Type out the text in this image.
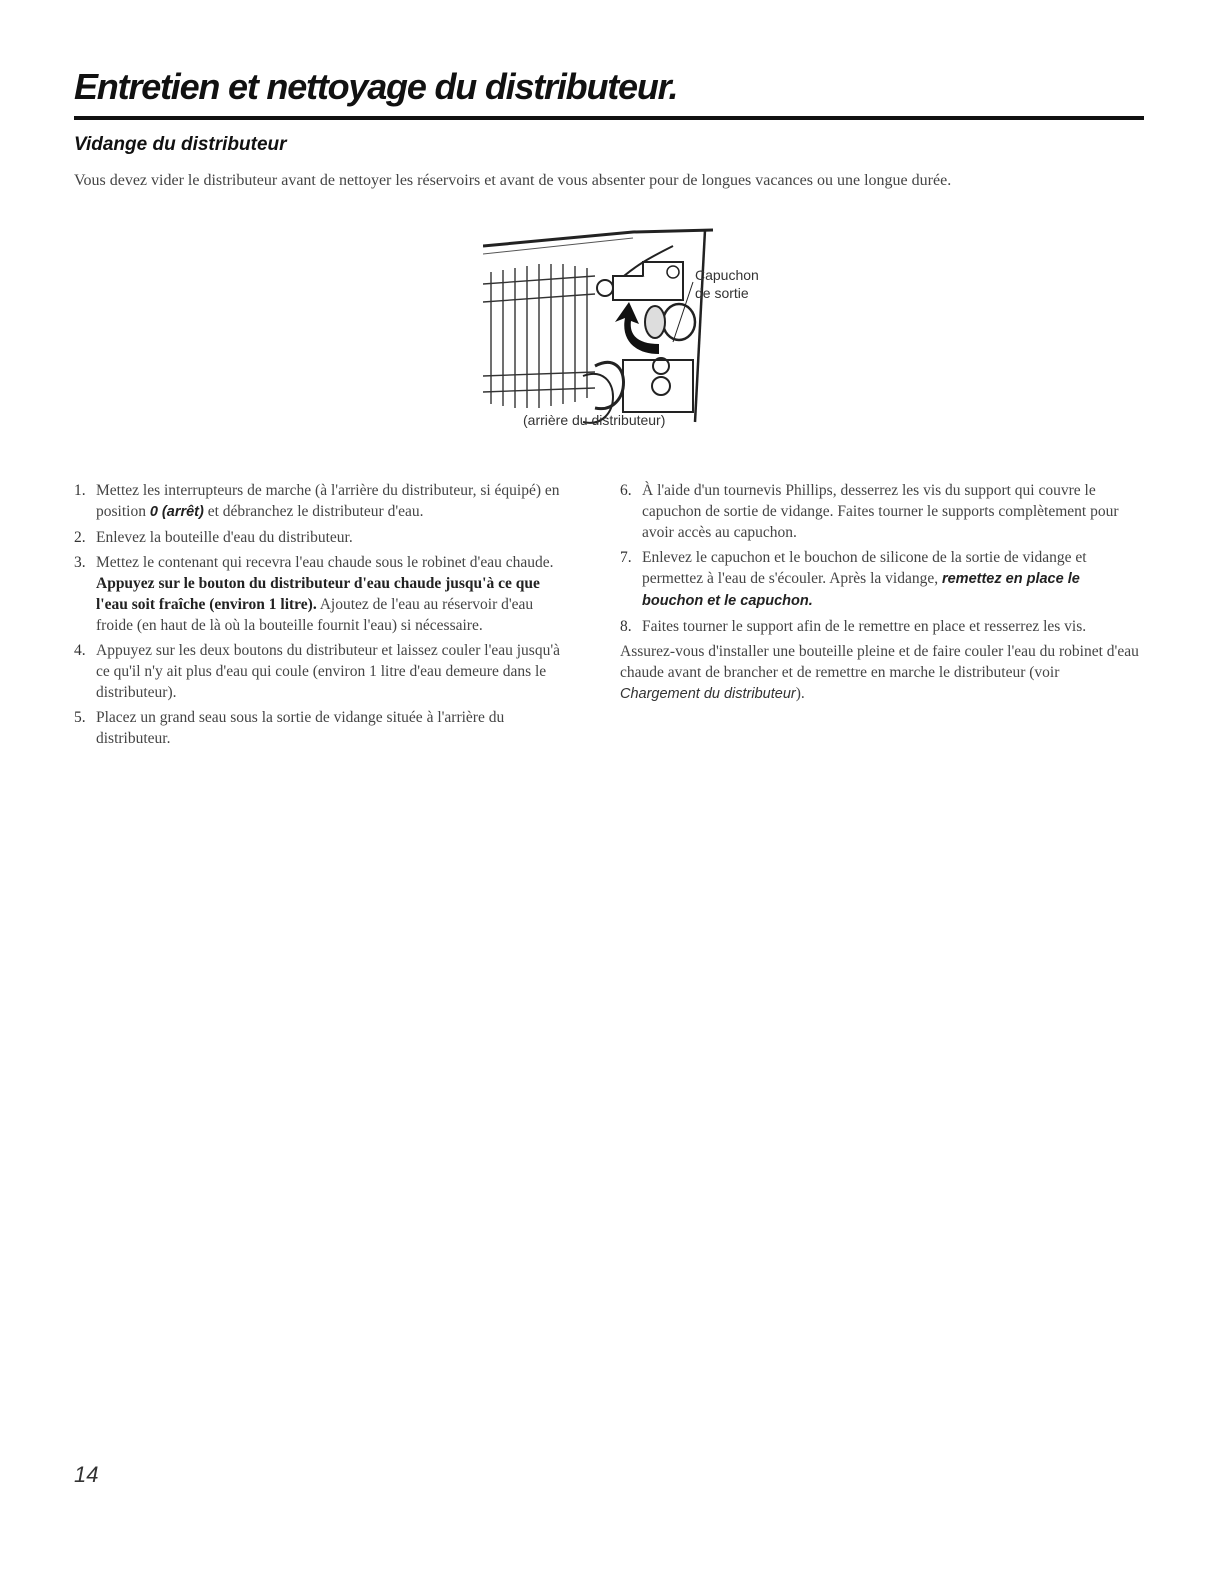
Entretien et nettoyage du distributeur.
Vidange du distributeur

Vous devez vider le distributeur avant de nettoyer les réservoirs et avant de vous absenter pour de longues vacances ou une longue durée.

Capuchon
de sortie
(arrière du distributeur)
1. Mettez les interrupteurs de marche (à l'arrière du distributeur, si équipé) en position 0 (arrêt) et débranchez le distributeur d'eau.
2. Enlevez la bouteille d'eau du distributeur.
3. Mettez le contenant qui recevra l'eau chaude sous le robinet d'eau chaude. Appuyez sur le bouton du distributeur d'eau chaude jusqu'à ce que l'eau soit fraîche (environ 1 litre). Ajoutez de l'eau au réservoir d'eau froide (en haut de là où la bouteille fournit l'eau) si nécessaire.
4. Appuyez sur les deux boutons du distributeur et laissez couler l'eau jusqu'à ce qu'il n'y ait plus d'eau qui coule (environ 1 litre d'eau demeure dans le distributeur).
5. Placez un grand seau sous la sortie de vidange située à l'arrière du distributeur.
6. À l'aide d'un tournevis Phillips, desserrez les vis du support qui couvre le capuchon de sortie de vidange. Faites tourner le supports complètement pour avoir accès au capuchon.
7. Enlevez le capuchon et le bouchon de silicone de la sortie de vidange et permettez à l'eau de s'écouler. Après la vidange, remettez en place le bouchon et le capuchon.
8. Faites tourner le support afin de le remettre en place et resserrez les vis.

Assurez-vous d'installer une bouteille pleine et de faire couler l'eau du robinet d'eau chaude avant de brancher et de remettre en marche le distributeur (voir Chargement du distributeur).

14
